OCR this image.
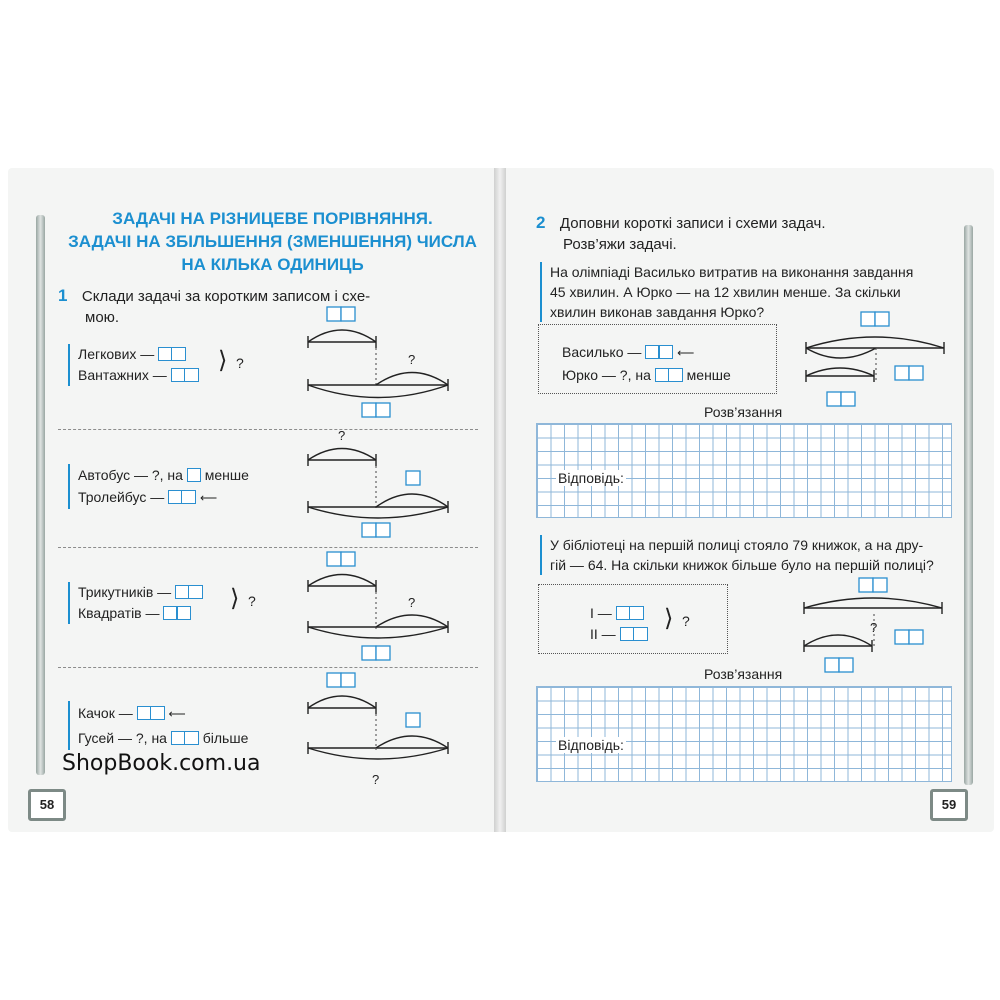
ЗАДАЧІ НА РІЗНИЦЕВЕ ПОРІВНЯННЯ.
ЗАДАЧІ НА ЗБІЛЬШЕННЯ (ЗМЕНШЕННЯ) ЧИСЛА
НА КІЛЬКА ОДИНИЦЬ
1 Склади задачі за коротким записом і схе-
мою.
Легкових —
Вантажних —
⟩ ?	?
Автобус — ?, на менше
Тролейбус —	⟵
?
Трикутників —
Квадратів —
⟩ ?	?
Качок —	⟵
Гусей — ?, на	більше
?
ShopBook.com.ua
58
2 Доповни короткі записи і схеми задач.
Розв’яжи задачі.
На олімпіаді Василько витратив на виконання завдання
45 хвилин. А Юрко — на 12 хвилин менше. За скільки
хвилин виконав завдання Юрко?
Василько —	⟵
Юрко — ?, на	менше
Розв’язання
Відповідь:
У бібліотеці на першій полиці стояло 79 книжок, а на дру-
гій — 64. На скільки книжок більше було на першій полиці?
І —
ІІ —
⟩ ?	?
Розв’язання
Відповідь:
59
